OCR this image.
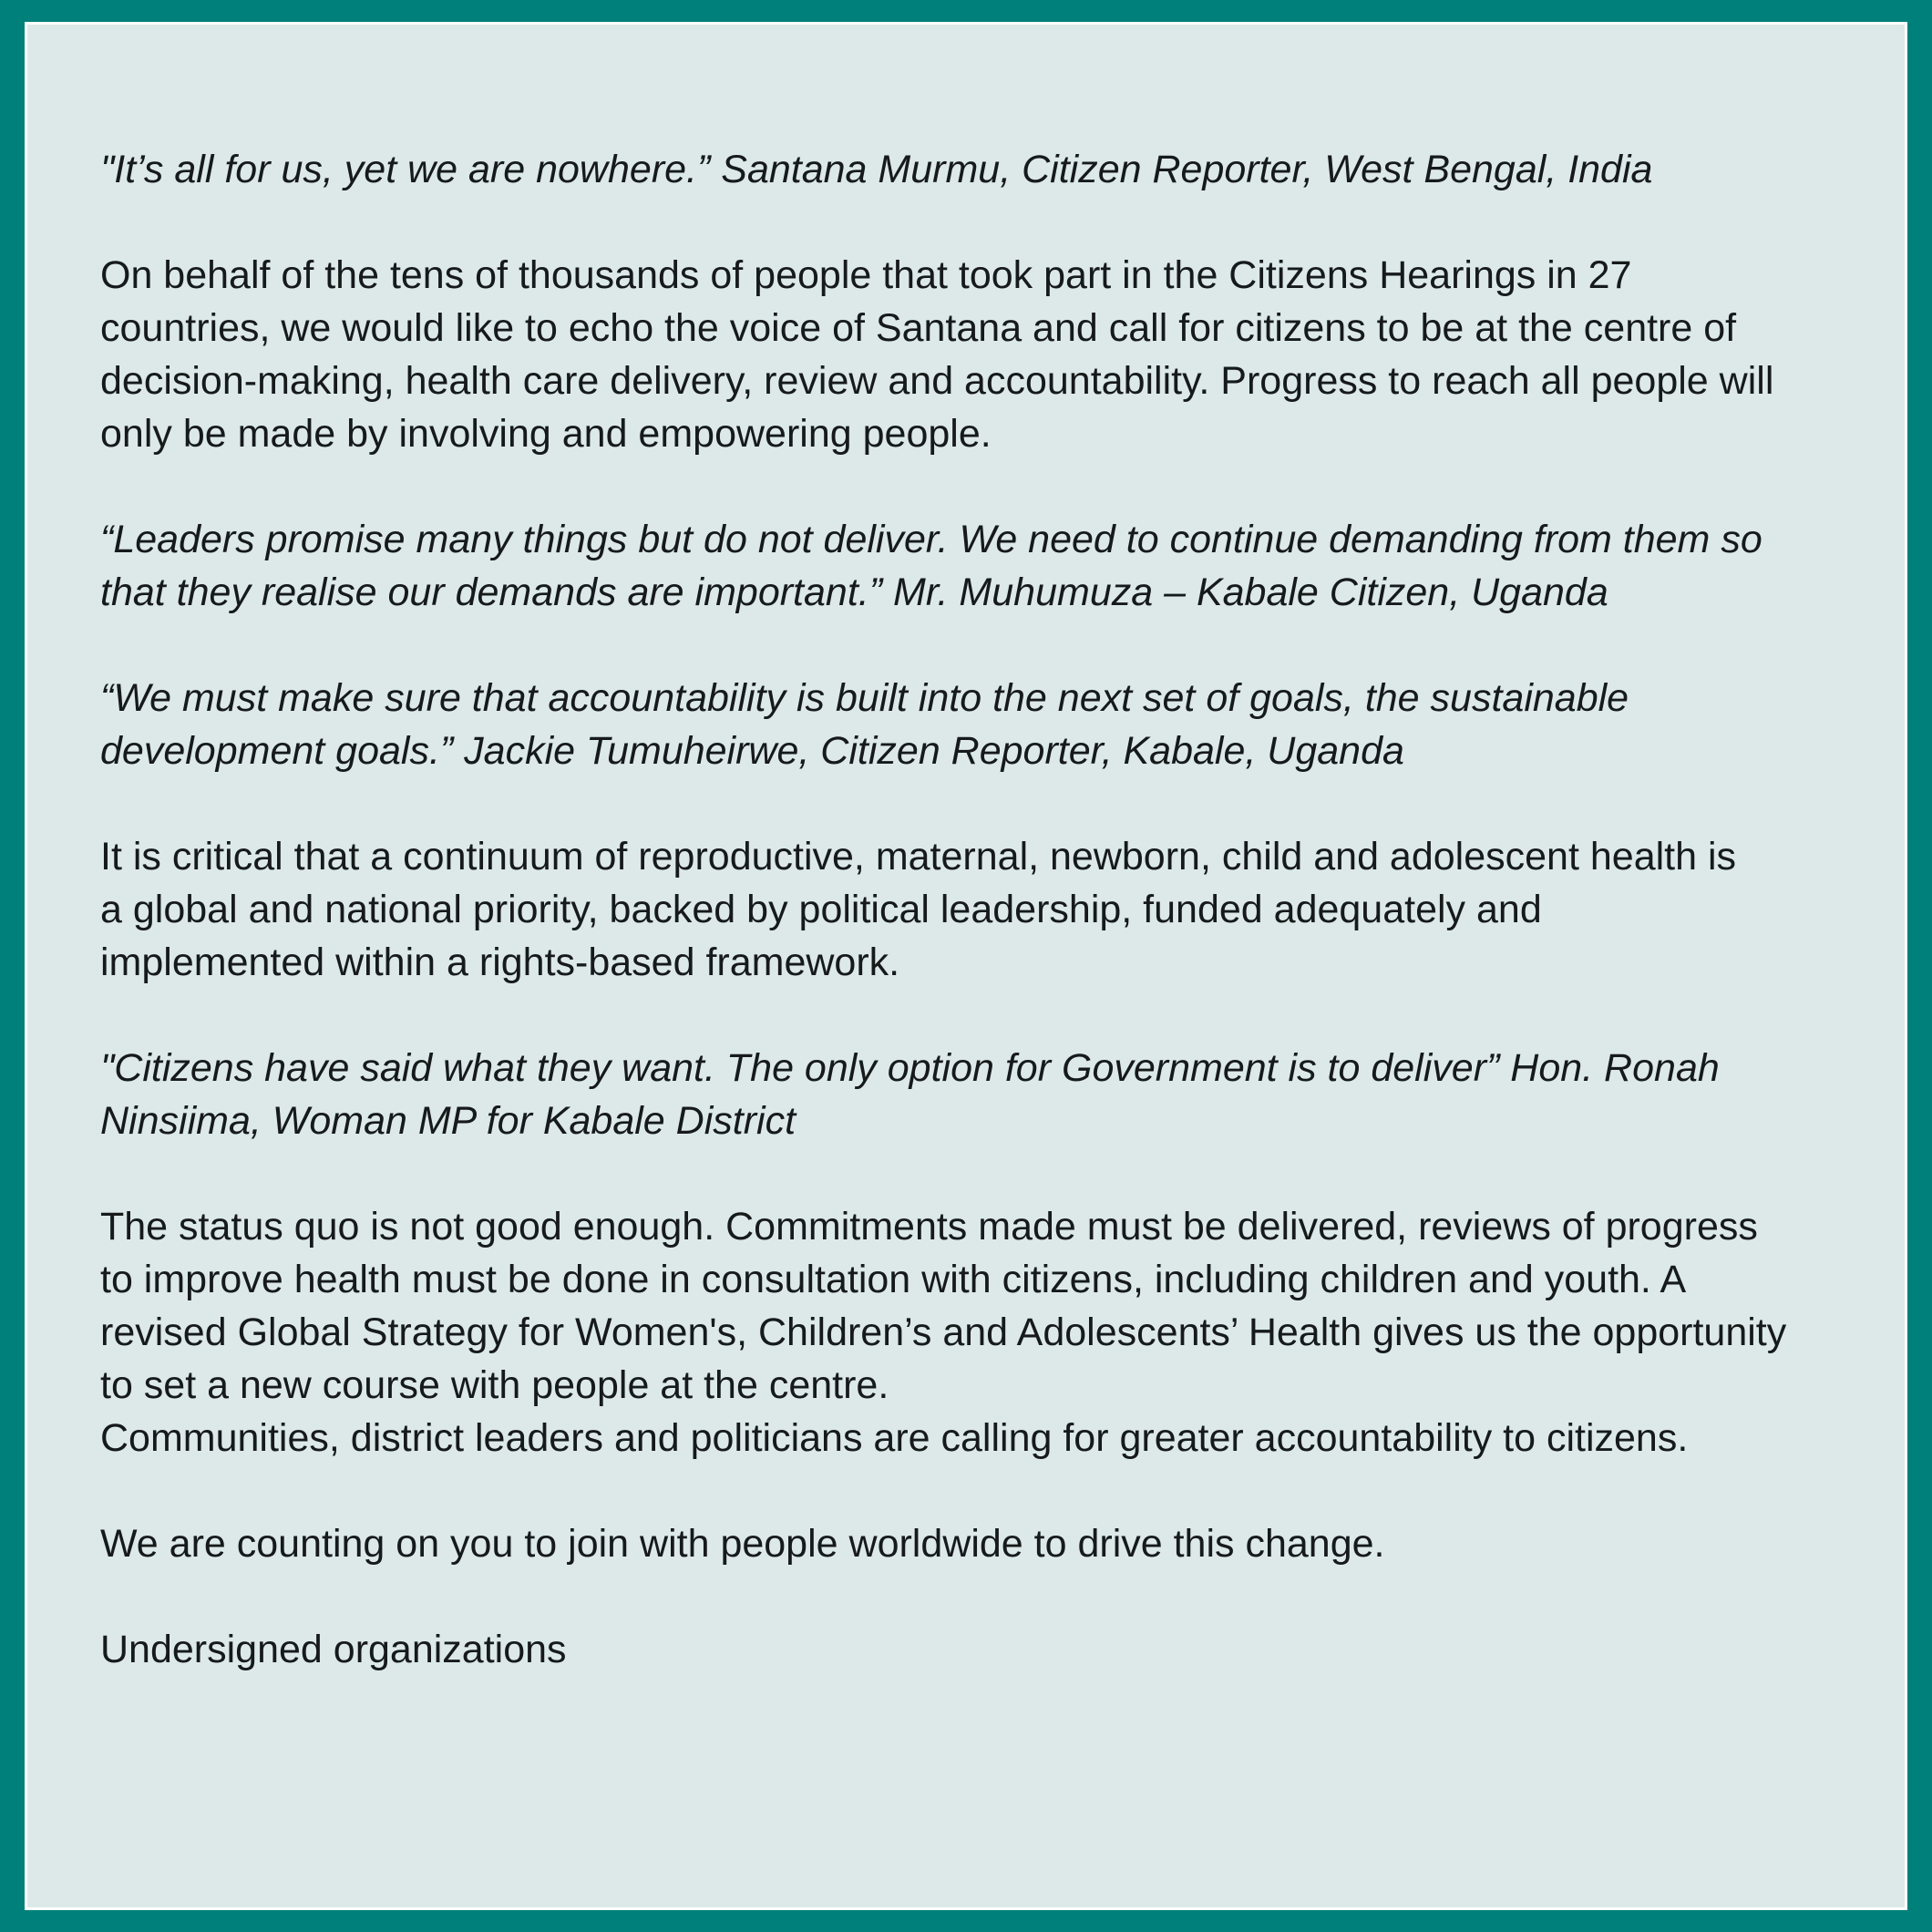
"It’s all for us, yet we are nowhere.” Santana Murmu, Citizen Reporter, West Bengal, India

On behalf of the tens of thousands of people that took part in the Citizens Hearings in 27
countries, we would like to echo the voice of Santana and call for citizens to be at the centre of
decision-making, health care delivery, review and accountability. Progress to reach all people will
only be made by involving and empowering people.

“Leaders promise many things but do not deliver. We need to continue demanding from them so
that they realise our demands are important.” Mr. Muhumuza – Kabale Citizen, Uganda

“We must make sure that accountability is built into the next set of goals, the sustainable
development goals.” Jackie Tumuheirwe, Citizen Reporter, Kabale, Uganda

It is critical that a continuum of reproductive, maternal, newborn, child and adolescent health is
a global and national priority, backed by political leadership, funded adequately and
implemented within a rights-based framework.

"Citizens have said what they want. The only option for Government is to deliver” Hon. Ronah
Ninsiima, Woman MP for Kabale District

The status quo is not good enough. Commitments made must be delivered, reviews of progress
to improve health must be done in consultation with citizens, including children and youth. A
revised Global Strategy for Women's, Children’s and Adolescents’ Health gives us the opportunity
to set a new course with people at the centre.

Communities, district leaders and politicians are calling for greater accountability to citizens.

We are counting on you to join with people worldwide to drive this change.

Undersigned organizations
